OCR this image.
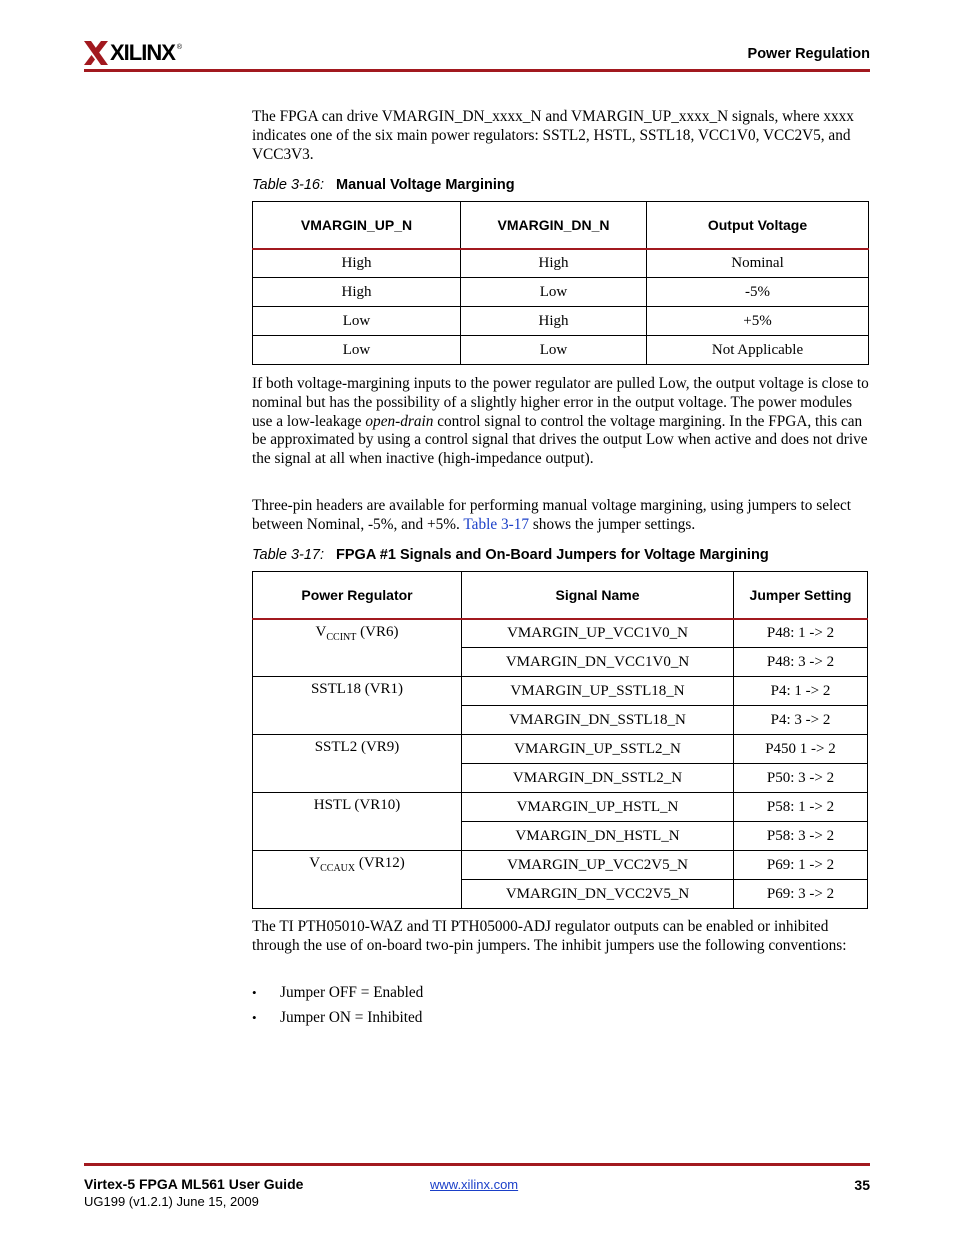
XILINX ®	Power Regulation

The FPGA can drive VMARGIN_DN_xxxx_N and VMARGIN_UP_xxxx_N signals, where xxxx indicates one of the six main power regulators: SSTL2, HSTL, SSTL18, VCC1V0, VCC2V5, and VCC3V3.

Table 3-16: Manual Voltage Margining
VMARGIN_UP_N	VMARGIN_DN_N	Output Voltage
High	High	Nominal
High	Low	-5%
Low	High	+5%
Low	Low	Not Applicable

If both voltage-margining inputs to the power regulator are pulled Low, the output voltage is close to nominal but has the possibility of a slightly higher error in the output voltage. The power modules use a low-leakage open-drain control signal to control the voltage margining. In the FPGA, this can be approximated by using a control signal that drives the output Low when active and does not drive the signal at all when inactive (high-impedance output).

Three-pin headers are available for performing manual voltage margining, using jumpers to select between Nominal, -5%, and +5%. Table 3-17 shows the jumper settings.

Table 3-17: FPGA #1 Signals and On-Board Jumpers for Voltage Margining
Power Regulator	Signal Name	Jumper Setting
$V_{CCINT}$ (VR6)	VMARGIN_UP_VCC1V0_N	P48: 1 -> 2
	VMARGIN_DN_VCC1V0_N	P48: 3 -> 2
SSTL18 (VR1)	VMARGIN_UP_SSTL18_N	P4: 1 -> 2
	VMARGIN_DN_SSTL18_N	P4: 3 -> 2
SSTL2 (VR9)	VMARGIN_UP_SSTL2_N	P450 1 -> 2
	VMARGIN_DN_SSTL2_N	P50: 3 -> 2
HSTL (VR10)	VMARGIN_UP_HSTL_N	P58: 1 -> 2
	VMARGIN_DN_HSTL_N	P58: 3 -> 2
$V_{CCAUX}$ (VR12)	VMARGIN_UP_VCC2V5_N	P69: 1 -> 2
	VMARGIN_DN_VCC2V5_N	P69: 3 -> 2

The TI PTH05010-WAZ and TI PTH05000-ADJ regulator outputs can be enabled or inhibited through the use of on-board two-pin jumpers. The inhibit jumpers use the following conventions:

•	Jumper OFF = Enabled
•	Jumper ON = Inhibited
Virtex-5 FPGA ML561 User Guide
UG199 (v1.2.1) June 15, 2009
www.xilinx.com	35
